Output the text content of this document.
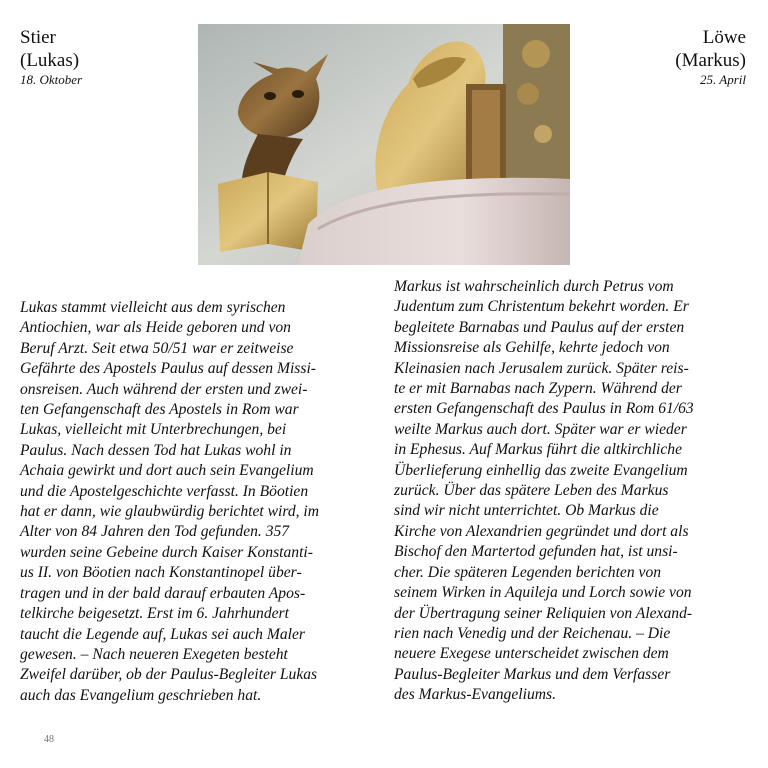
Stier
(Lukas)
18. Oktober
Löwe
(Markus)
25. April

Lukas stammt vielleicht aus dem syrischen

Antiochien, war als Heide geboren und von

Beruf Arzt. Seit etwa 50/51 war er zeitweise

Gefährte des Apostels Paulus auf dessen Missi-

onsreisen. Auch während der ersten und zwei-

ten Gefangenschaft des Apostels in Rom war

Lukas, vielleicht mit Unterbrechungen, bei

Paulus. Nach dessen Tod hat Lukas wohl in

Achaia gewirkt und dort auch sein Evangelium

und die Apostelgeschichte verfasst. In Böotien

hat er dann, wie glaubwürdig berichtet wird, im

Alter von 84 Jahren den Tod gefunden. 357

wurden seine Gebeine durch Kaiser Konstanti-

us II. von Böotien nach Konstantinopel über-

tragen und in der bald darauf erbauten Apos-

telkirche beigesetzt. Erst im 6. Jahrhundert

taucht die Legende auf, Lukas sei auch Maler

gewesen. – Nach neueren Exegeten besteht

Zweifel darüber, ob der Paulus-Begleiter Lukas

auch das Evangelium geschrieben hat.

Markus ist wahrscheinlich durch Petrus vom

Judentum zum Christentum bekehrt worden. Er

begleitete Barnabas und Paulus auf der ersten

Missionsreise als Gehilfe, kehrte jedoch von

Kleinasien nach Jerusalem zurück. Später reis-

te er mit Barnabas nach Zypern. Während der

ersten Gefangenschaft des Paulus in Rom 61/63

weilte Markus auch dort. Später war er wieder

in Ephesus. Auf Markus führt die altkirchliche

Überlieferung einhellig das zweite Evangelium

zurück. Über das spätere Leben des Markus

sind wir nicht unterrichtet. Ob Markus die

Kirche von Alexandrien gegründet und dort als

Bischof den Martertod gefunden hat, ist unsi-

cher. Die späteren Legenden berichten von

seinem Wirken in Aquileja und Lorch sowie von

der Übertragung seiner Reliquien von Alexand-

rien nach Venedig und der Reichenau. – Die

neuere Exegese unterscheidet zwischen dem

Paulus-Begleiter Markus und dem Verfasser

des Markus-Evangeliums.

48
